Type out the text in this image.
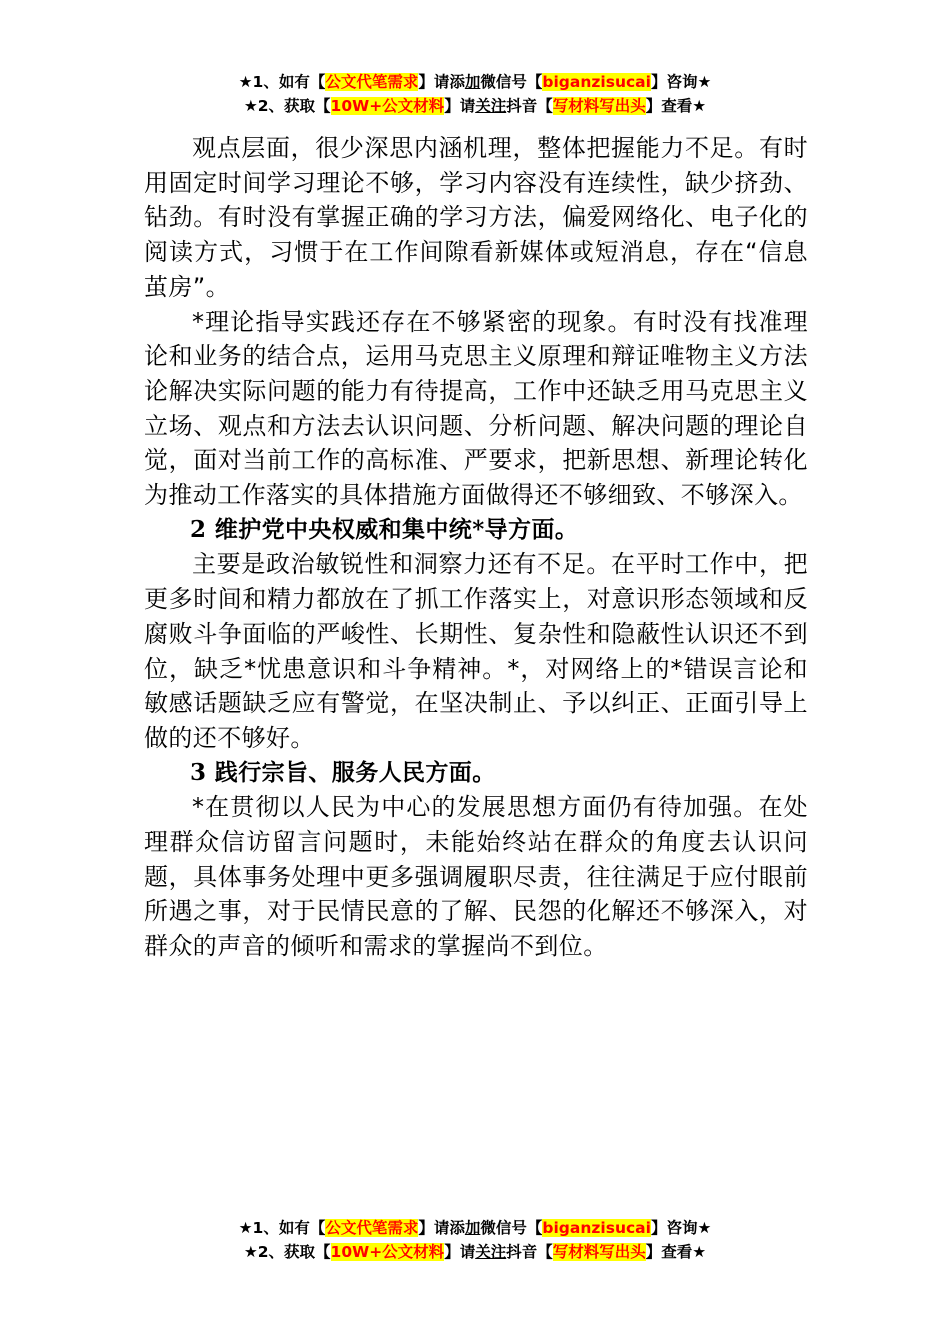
★1、如有【公文代笔需求】请添加微信号【biganzisucai】咨询★
★2、获取【10W+公文材料】请关注抖音【写材料写出头】查看★

观点层面，很少深思内涵机理，整体把握能力不足。有时用固定时间学习理论不够，学习内容没有连续性，缺少挤劲、钻劲。有时没有掌握正确的学习方法，偏爱网络化、电子化的阅读方式，习惯于在工作间隙看新媒体或短消息，存在“信息茧房”。

*理论指导实践还存在不够紧密的现象。有时没有找准理论和业务的结合点，运用马克思主义原理和辩证唯物主义方法论解决实际问题的能力有待提高，工作中还缺乏用马克思主义立场、观点和方法去认识问题、分析问题、解决问题的理论自觉，面对当前工作的高标准、严要求，把新思想、新理论转化为推动工作落实的具体措施方面做得还不够细致、不够深入。

2 维护党中央权威和集中统*导方面。

主要是政治敏锐性和洞察力还有不足。在平时工作中，把更多时间和精力都放在了抓工作落实上，对意识形态领域和反腐败斗争面临的严峻性、长期性、复杂性和隐蔽性认识还不到位，缺乏*忧患意识和斗争精神。*，对网络上的*错误言论和敏感话题缺乏应有警觉，在坚决制止、予以纠正、正面引导上做的还不够好。

3 践行宗旨、服务人民方面。

*在贯彻以人民为中心的发展思想方面仍有待加强。在处理群众信访留言问题时，未能始终站在群众的角度去认识问题，具体事务处理中更多强调履职尽责，往往满足于应付眼前所遇之事，对于民情民意的了解、民怨的化解还不够深入，对群众的声音的倾听和需求的掌握尚不到位。

★1、如有【公文代笔需求】请添加微信号【biganzisucai】咨询★
★2、获取【10W+公文材料】请关注抖音【写材料写出头】查看★
